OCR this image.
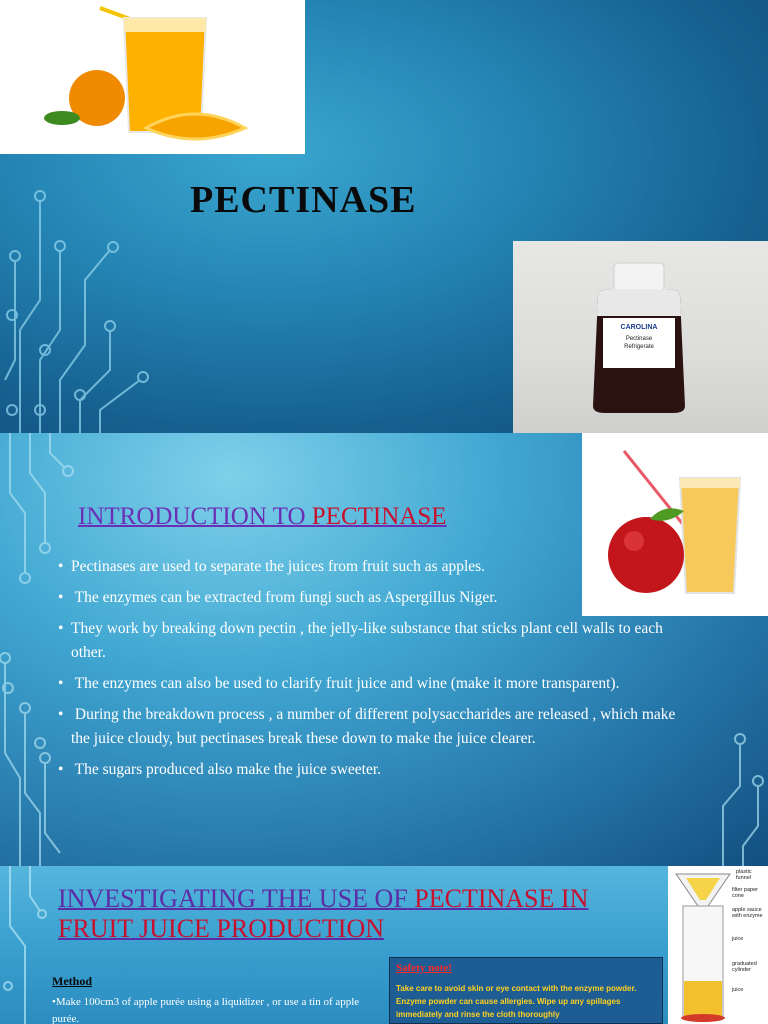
PECTINASE
CAROLINA
Pectinase
Refrigerate
INTRODUCTION TO PECTINASE
• Pectinases are used to separate the juices from fruit such as apples.
• The enzymes can be extracted from fungi such as Aspergillus Niger.
• They work by breaking down pectin , the jelly-like substance that sticks plant cell walls to each other.
• The enzymes can also be used to clarify fruit juice and wine (make it more transparent).
• During the breakdown process , a number of different polysaccharides are released , which make the juice cloudy, but pectinases break these down to make the juice clearer.
• The sugars produced also make the juice sweeter.
INVESTIGATING THE USE OF PECTINASE IN FRUIT JUICE PRODUCTION
Method
•Make 100cm3 of apple purée using a liquidizer , or use a tin of apple purée.
Safety note!
Take care to avoid skin or eye contact with the enzyme powder. Enzyme powder can cause allergies. Wipe up any spillages immediately and rinse the cloth thoroughly
plastic funnel
filter paper cone
apple sauce with enzyme
juice
graduated cylinder
juice
